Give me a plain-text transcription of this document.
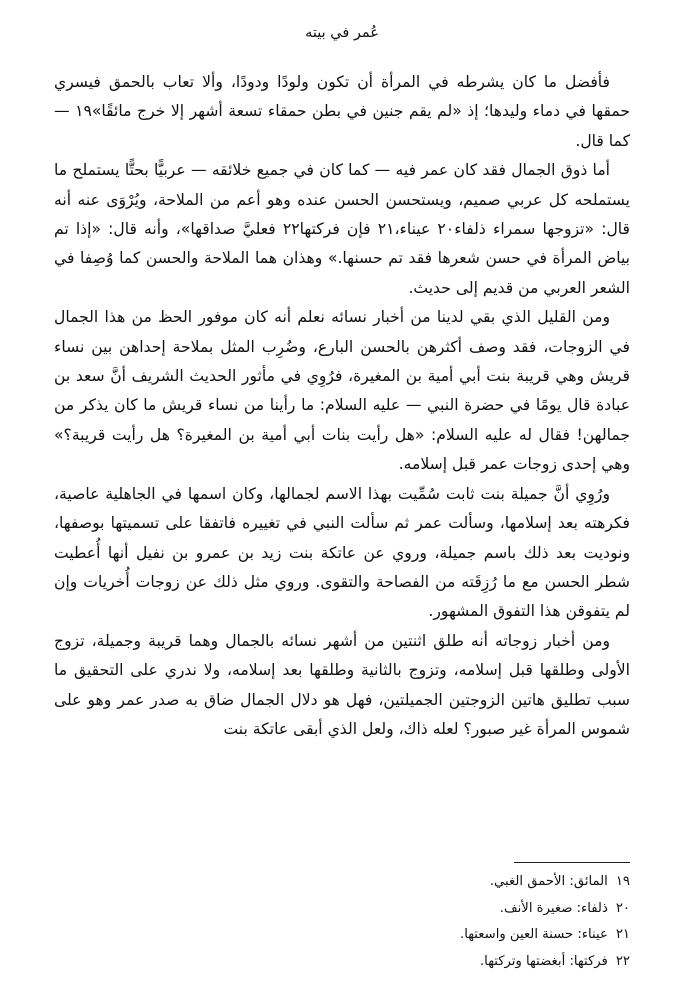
عُمر في بيته

فأفضل ما كان يشرطه في المرأة أن تكون ولودًا ودودًا، وألا تعاب بالحمق فيسري حمقها في دماء وليدها؛ إذ «لم يقم جنين في بطن حمقاء تسعة أشهر إلا خرج مائقًا»١٩ — كما قال.

أما ذوق الجمال فقد كان عمر فيه — كما كان في جميع خلائقه — عربيًّا بحتًّا يستملح ما يستملحه كل عربي صميم، ويستحسن الحسن عنده وهو أعم من الملاحة، ويُرْوَى عنه أنه قال: «تزوجها سمراء ذلفاء٢٠ عيناء،٢١ فإن فركتها٢٢ فعليَّ صداقها»، وأنه قال: «إذا تم بياض المرأة في حسن شعرها فقد تم حسنها.» وهذان هما الملاحة والحسن كما وُصِفا في الشعر العربي من قديم إلى حديث.

ومن القليل الذي بقي لدينا من أخبار نسائه نعلم أنه كان موفور الحظ من هذا الجمال في الزوجات، فقد وصف أكثرهن بالحسن البارع، وضُرِب المثل بملاحة إحداهن بين نساء قريش وهي قريبة بنت أبي أمية بن المغيرة، فرُوِي في مأثور الحديث الشريف أنَّ سعد بن عبادة قال يومًا في حضرة النبي — عليه السلام: ما رأينا من نساء قريش ما كان يذكر من جمالهن! فقال له عليه السلام: «هل رأيت بنات أبي أمية بن المغيرة؟ هل رأيت قريبة؟» وهي إحدى زوجات عمر قبل إسلامه.

ورُوِي أنَّ جميلة بنت ثابت سُمِّيت بهذا الاسم لجمالها، وكان اسمها في الجاهلية عاصية، فكرهته بعد إسلامها، وسألت عمر ثم سألت النبي في تغييره فاتفقا على تسميتها بوصفها، ونوديت بعد ذلك باسم جميلة، وروي عن عاتكة بنت زيد بن عمرو بن نفيل أنها أُعطيت شطر الحسن مع ما رُزِقَته من الفصاحة والتقوى. وروي مثل ذلك عن زوجات أُخريات وإن لم يتفوقن هذا التفوق المشهور.

ومن أخبار زوجاته أنه طلق اثنتين من أشهر نسائه بالجمال وهما قريبة وجميلة، تزوج الأولى وطلقها قبل إسلامه، وتزوج بالثانية وطلقها بعد إسلامه، ولا ندري على التحقيق ما سبب تطليق هاتين الزوجتين الجميلتين، فهل هو دلال الجمال ضاق به صدر عمر وهو على شموس المرأة غير صبور؟ لعله ذاك، ولعل الذي أبقى عاتكة بنت

١٩المائق: الأحمق الغبي.
٢٠ذلفاء: صغيرة الأنف.
٢١عيناء: حسنة العين واسعتها.
٢٢فركتها: أبغضتها وتركتها.
